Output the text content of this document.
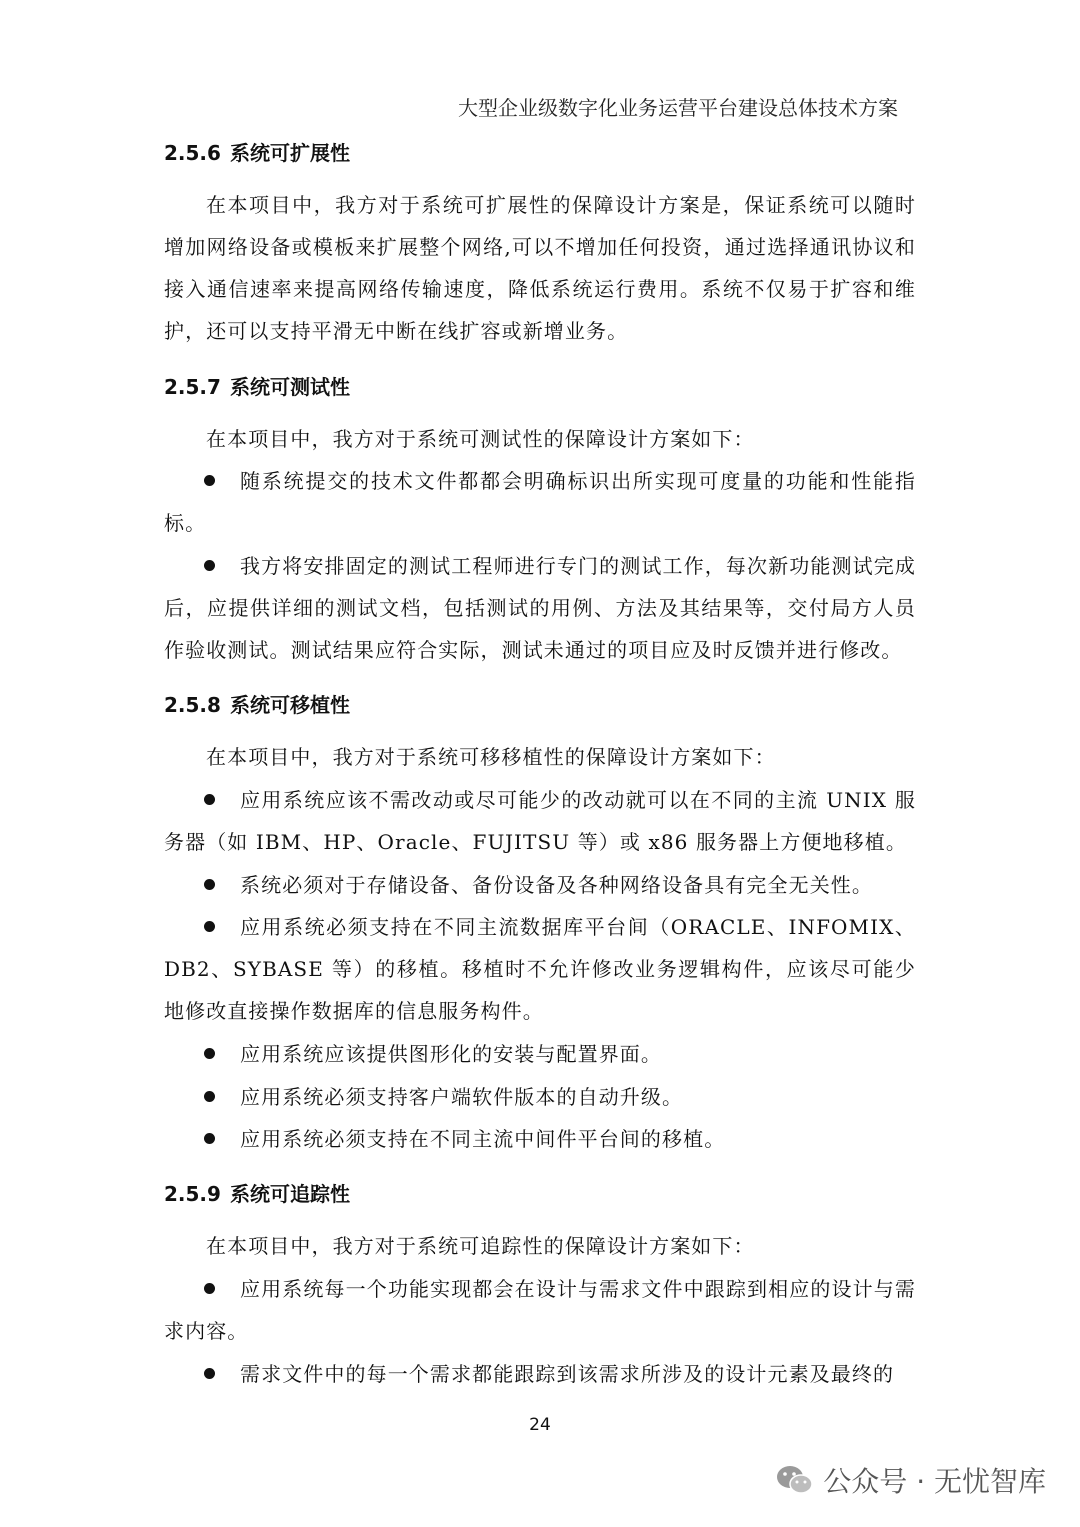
大型企业级数字化业务运营平台建设总体技术方案
2.5.6 系统可扩展性
在本项目中，我方对于系统可扩展性的保障设计方案是，保证系统可以随时增加网络设备或模板来扩展整个网络,可以不增加任何投资，通过选择通讯协议和接入通信速率来提高网络传输速度，降低系统运行费用。系统不仅易于扩容和维护，还可以支持平滑无中断在线扩容或新增业务。
2.5.7 系统可测试性
在本项目中，我方对于系统可测试性的保障设计方案如下：
随系统提交的技术文件都都会明确标识出所实现可度量的功能和性能指标。
我方将安排固定的测试工程师进行专门的测试工作，每次新功能测试完成后，应提供详细的测试文档，包括测试的用例、方法及其结果等，交付局方人员作验收测试。测试结果应符合实际，测试未通过的项目应及时反馈并进行修改。
2.5.8 系统可移植性
在本项目中，我方对于系统可移移植性的保障设计方案如下：
应用系统应该不需改动或尽可能少的改动就可以在不同的主流 UNIX 服务器（如 IBM、HP、Oracle、FUJITSU 等）或 x86 服务器上方便地移植。
系统必须对于存储设备、备份设备及各种网络设备具有完全无关性。
应用系统必须支持在不同主流数据库平台间（ORACLE、INFOMIX、DB2、SYBASE 等）的移植。移植时不允许修改业务逻辑构件，应该尽可能少地修改直接操作数据库的信息服务构件。
应用系统应该提供图形化的安装与配置界面。
应用系统必须支持客户端软件版本的自动升级。
应用系统必须支持在不同主流中间件平台间的移植。
2.5.9 系统可追踪性
在本项目中，我方对于系统可追踪性的保障设计方案如下：
应用系统每一个功能实现都会在设计与需求文件中跟踪到相应的设计与需求内容。
需求文件中的每一个需求都能跟踪到该需求所涉及的设计元素及最终的
24
公众号 · 无忧智库
